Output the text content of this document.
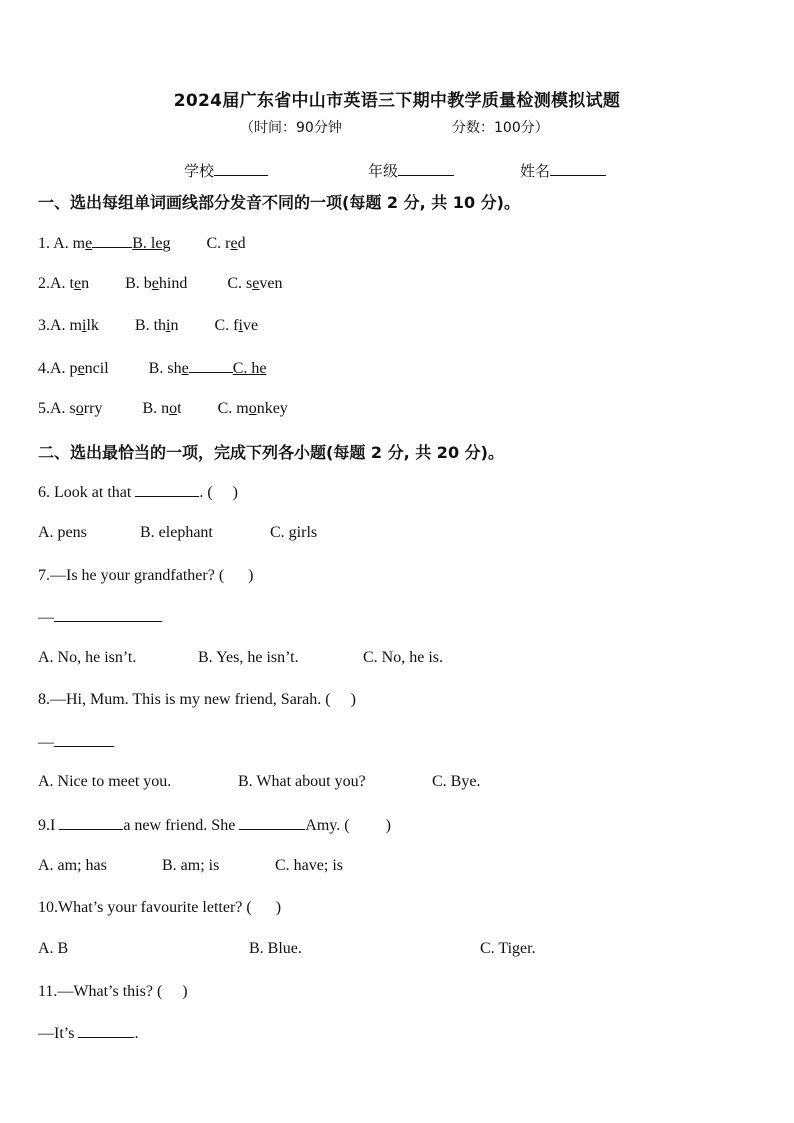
2024届广东省中山市英语三下期中教学质量检测模拟试题
（时间：90分钟	分数：100分）
学校	年级	姓名
一、选出每组单词画线部分发音不同的一项(每题 2 分, 共 10 分)。
1. A. me	B. leg C. red
2.A. ten B. behind	C. seven
3.A. milk B. thin C. five
4.A. pencil	B. she	C. he
5.A. sorry	B. not C. monkey
二、选出最恰当的一项，完成下列各小题(每题 2 分, 共 20 分)。
6. Look at that	. (     )
A. pens	B. elephant	C. girls
7.—Is he your grandfather? (      )
—
A. No, he isn’t.	B. Yes, he isn’t.	C. No, he is.
8.—Hi, Mum. This is my new friend, Sarah. (     )
—
A. Nice to meet you.	B. What about you?	C. Bye.
9.I	a new friend. She	Amy. (         )
A. am; has	B. am; is	C. have; is
10.What’s your favourite letter? (      )
A. B	B. Blue.	C. Tiger.
11.—What’s this? (     )
—It’s	.
